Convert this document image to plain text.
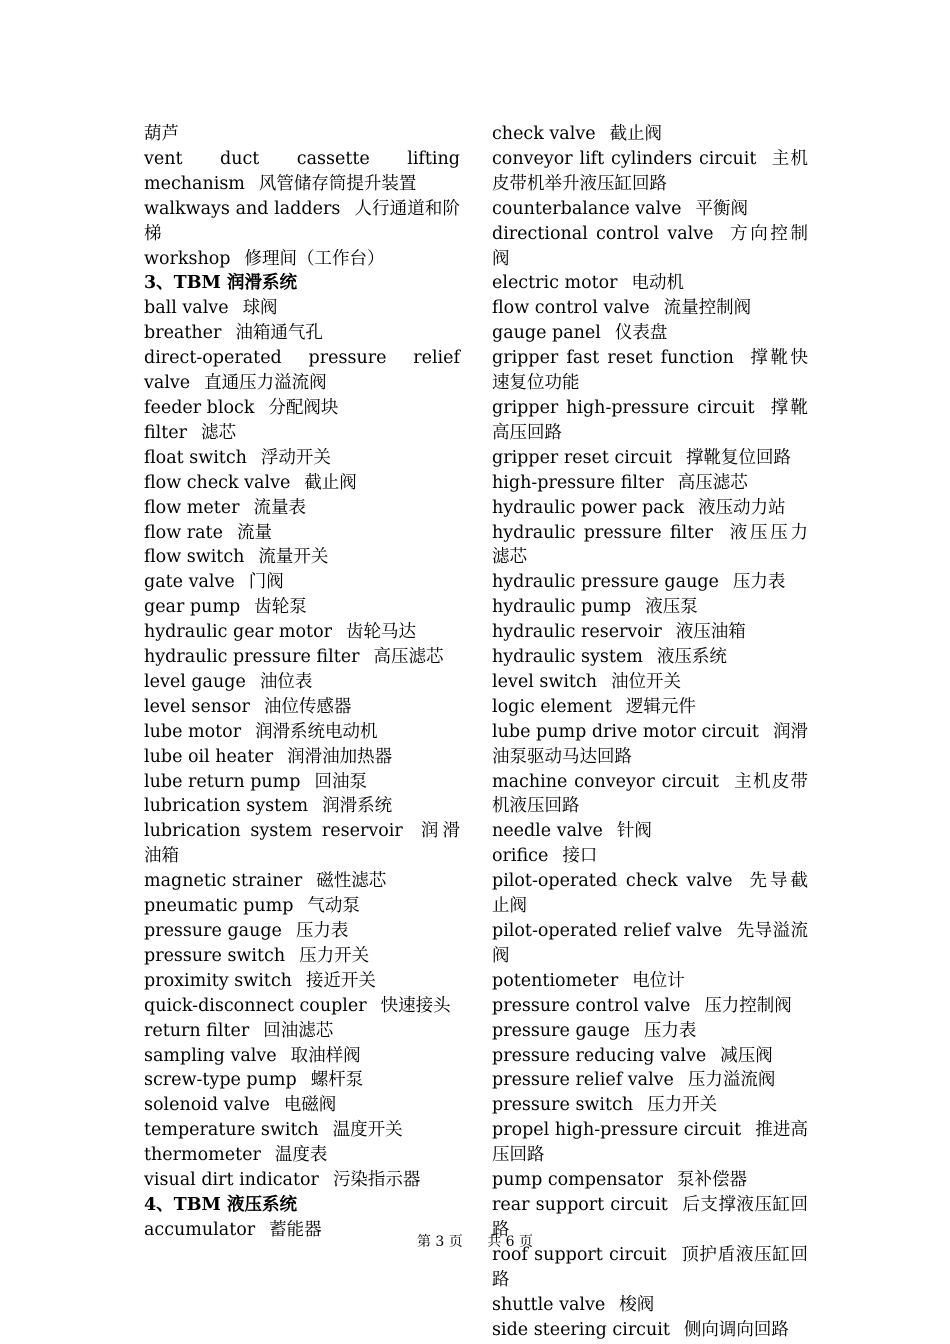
葫芦
vent duct cassette lifting mechanism 风管储存筒提升装置
walkways and ladders 人行通道和阶梯
workshop 修理间（工作台）
3、TBM 润滑系统
ball valve 球阀
breather 油箱通气孔
direct-operated pressure relief valve 直通压力溢流阀
feeder block 分配阀块
filter 滤芯
float switch 浮动开关
flow check valve 截止阀
flow meter 流量表
flow rate 流量
flow switch 流量开关
gate valve 门阀
gear pump 齿轮泵
hydraulic gear motor 齿轮马达
hydraulic pressure filter 高压滤芯
level gauge 油位表
level sensor 油位传感器
lube motor 润滑系统电动机
lube oil heater 润滑油加热器
lube return pump 回油泵
lubrication system 润滑系统
lubrication system reservoir 润滑油箱
magnetic strainer 磁性滤芯
pneumatic pump 气动泵
pressure gauge 压力表
pressure switch 压力开关
proximity switch 接近开关
quick-disconnect coupler 快速接头
return filter 回油滤芯
sampling valve 取油样阀
screw-type pump 螺杆泵
solenoid valve 电磁阀
temperature switch 温度开关
thermometer 温度表
visual dirt indicator 污染指示器
4、TBM 液压系统
accumulator 蓄能器
check valve 截止阀
conveyor lift cylinders circuit 主机皮带机举升液压缸回路
counterbalance valve 平衡阀
directional control valve 方向控制阀
electric motor 电动机
flow control valve 流量控制阀
gauge panel 仪表盘
gripper fast reset function 撑靴快速复位功能
gripper high-pressure circuit 撑靴高压回路
gripper reset circuit 撑靴复位回路
high-pressure filter 高压滤芯
hydraulic power pack 液压动力站
hydraulic pressure filter 液压压力滤芯
hydraulic pressure gauge 压力表
hydraulic pump 液压泵
hydraulic reservoir 液压油箱
hydraulic system 液压系统
level switch 油位开关
logic element 逻辑元件
lube pump drive motor circuit 润滑油泵驱动马达回路
machine conveyor circuit 主机皮带机液压回路
needle valve 针阀
orifice 接口
pilot-operated check valve 先导截止阀
pilot-operated relief valve 先导溢流阀
potentiometer 电位计
pressure control valve 压力控制阀
pressure gauge 压力表
pressure reducing valve 减压阀
pressure relief valve 压力溢流阀
pressure switch 压力开关
propel high-pressure circuit 推进高压回路
pump compensator 泵补偿器
rear support circuit 后支撑液压缸回路
roof support circuit 顶护盾液压缸回路
shuttle valve 梭阀
side steering circuit 侧向调向回路
第 3 页 共 6 页
